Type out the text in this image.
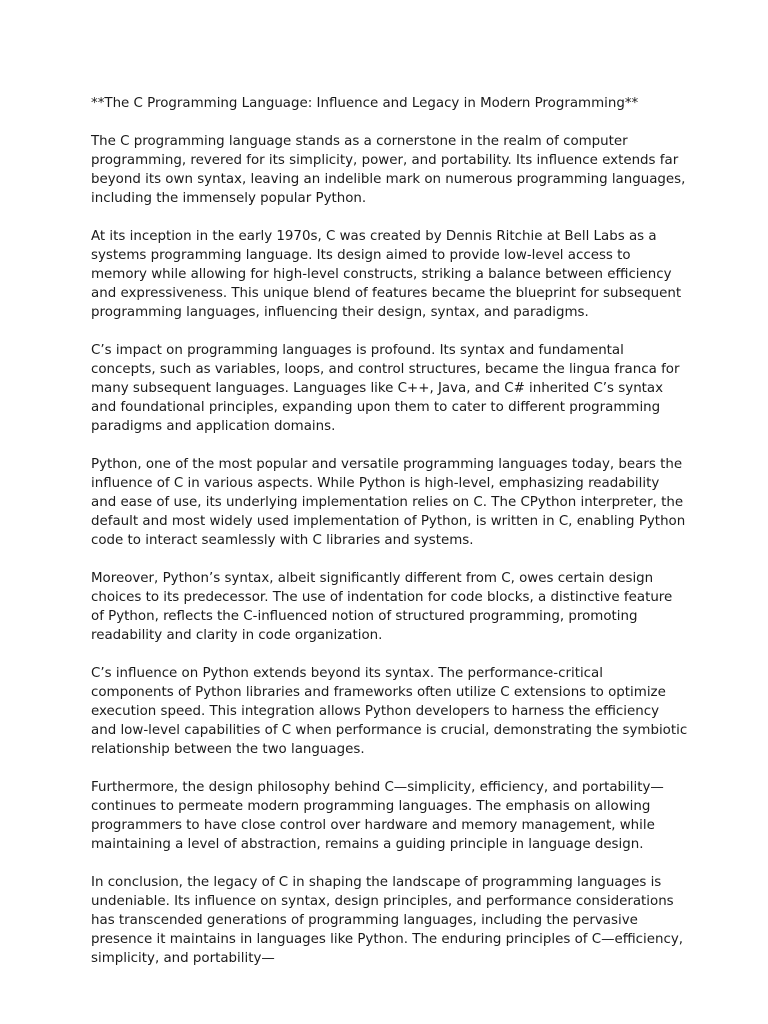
**The C Programming Language: Influence and Legacy in Modern Programming**

The C programming language stands as a cornerstone in the realm of computer programming, revered for its simplicity, power, and portability. Its influence extends far beyond its own syntax, leaving an indelible mark on numerous programming languages, including the immensely popular Python.

At its inception in the early 1970s, C was created by Dennis Ritchie at Bell Labs as a systems programming language. Its design aimed to provide low-level access to memory while allowing for high-level constructs, striking a balance between efficiency and expressiveness. This unique blend of features became the blueprint for subsequent programming languages, influencing their design, syntax, and paradigms.

C’s impact on programming languages is profound. Its syntax and fundamental concepts, such as variables, loops, and control structures, became the lingua franca for many subsequent languages. Languages like C++, Java, and C# inherited C’s syntax and foundational principles, expanding upon them to cater to different programming paradigms and application domains.

Python, one of the most popular and versatile programming languages today, bears the influence of C in various aspects. While Python is high-level, emphasizing readability and ease of use, its underlying implementation relies on C. The CPython interpreter, the default and most widely used implementation of Python, is written in C, enabling Python code to interact seamlessly with C libraries and systems.

Moreover, Python’s syntax, albeit significantly different from C, owes certain design choices to its predecessor. The use of indentation for code blocks, a distinctive feature of Python, reflects the C-influenced notion of structured programming, promoting readability and clarity in code organization.

C’s influence on Python extends beyond its syntax. The performance-critical components of Python libraries and frameworks often utilize C extensions to optimize execution speed. This integration allows Python developers to harness the efficiency and low-level capabilities of C when performance is crucial, demonstrating the symbiotic relationship between the two languages.

Furthermore, the design philosophy behind C—simplicity, efficiency, and portability—continues to permeate modern programming languages. The emphasis on allowing programmers to have close control over hardware and memory management, while maintaining a level of abstraction, remains a guiding principle in language design.

In conclusion, the legacy of C in shaping the landscape of programming languages is undeniable. Its influence on syntax, design principles, and performance considerations has transcended generations of programming languages, including the pervasive presence it maintains in languages like Python. The enduring principles of C—efficiency, simplicity, and portability—
